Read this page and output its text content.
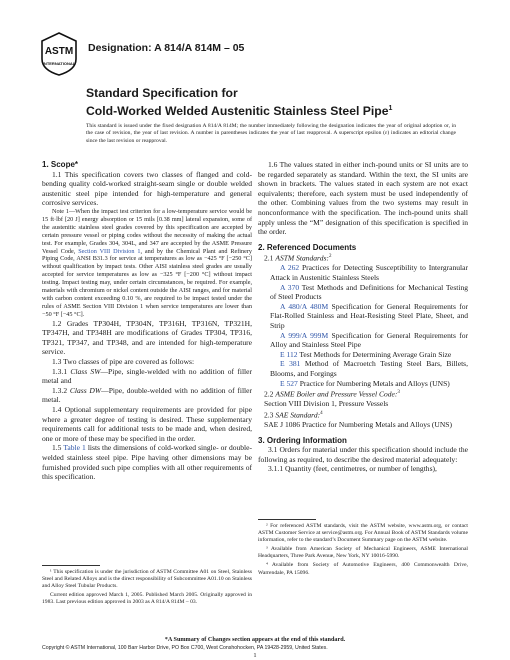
ASTM
INTERNATIONAL
Designation: A 814/A 814M – 05
Standard Specification for
Cold-Worked Welded Austenitic Stainless Steel Pipe$^1$
This standard is issued under the fixed designation A 814/A 814M; the number immediately following the designation indicates the year of original adoption or, in the case of revision, the year of last revision. A number in parentheses indicates the year of last reapproval. A superscript epsilon (ε) indicates an editorial change since the last revision or reapproval.

1. Scope*

1.1 This specification covers two classes of flanged and cold-bending quality cold-worked straight-seam single or double welded austenitic steel pipe intended for high-temperature and general corrosive services.

Note 1—When the impact test criterion for a low-temperature service would be 15 ft·lbf [20 J] energy absorption or 15 mils [0.38 mm] lateral expansion, some of the austenitic stainless steel grades covered by this specification are accepted by certain pressure vessel or piping codes without the necessity of making the actual test. For example, Grades 304, 304L, and 347 are accepted by the ASME Pressure Vessel Code, Section VIII Division 1, and by the Chemical Plant and Refinery Piping Code, ANSI B31.3 for service at temperatures as low as −425 °F [−250 °C] without qualification by impact tests. Other AISI stainless steel grades are usually accepted for service temperatures as low as −325 °F [−200 °C] without impact testing. Impact testing may, under certain circumstances, be required. For example, materials with chromium or nickel content outside the AISI ranges, and for material with carbon content exceeding 0.10 %, are required to be impact tested under the rules of ASME Section VIII Division 1 when service temperatures are lower than −50 °F [−45 °C].

1.2 Grades TP304H, TP304N, TP316H, TP316N, TP321H, TP347H, and TP348H are modifications of Grades TP304, TP316, TP321, TP347, and TP348, and are intended for high-temperature service.

1.3 Two classes of pipe are covered as follows:

1.3.1 Class SW—Pipe, single-welded with no addition of filler metal and

1.3.2 Class DW—Pipe, double-welded with no addition of filler metal.

1.4 Optional supplementary requirements are provided for pipe where a greater degree of testing is desired. These supplementary requirements call for additional tests to be made and, when desired, one or more of these may be specified in the order.

1.5 Table 1 lists the dimensions of cold-worked single- or double-welded stainless steel pipe. Pipe having other dimensions may be furnished provided such pipe complies with all other requirements of this specification.

1.6 The values stated in either inch-pound units or SI units are to be regarded separately as standard. Within the text, the SI units are shown in brackets. The values stated in each system are not exact equivalents; therefore, each system must be used independently of the other. Combining values from the two systems may result in nonconformance with the specification. The inch-pound units shall apply unless the “M” designation of this specification is specified in the order.

2. Referenced Documents

2.1 ASTM Standards:$^2$

A 262 Practices for Detecting Susceptibility to Intergranular Attack in Austenitic Stainless Steels

A 370 Test Methods and Definitions for Mechanical Testing of Steel Products

A 480/A 480M Specification for General Requirements for Flat-Rolled Stainless and Heat-Resisting Steel Plate, Sheet, and Strip

A 999/A 999M Specification for General Requirements for Alloy and Stainless Steel Pipe

E 112 Test Methods for Determining Average Grain Size

E 381 Method of Macroetch Testing Steel Bars, Billets, Blooms, and Forgings

E 527 Practice for Numbering Metals and Alloys (UNS)

2.2 ASME Boiler and Pressure Vessel Code:$^3$

Section VIII Division 1, Pressure Vessels

2.3 SAE Standard:$^4$

SAE J 1086 Practice for Numbering Metals and Alloys (UNS)

3. Ordering Information

3.1 Orders for material under this specification should include the following as required, to describe the desired material adequately:

3.1.1 Quantity (feet, centimetres, or number of lengths),

¹ This specification is under the jurisdiction of ASTM Committee A01 on Steel, Stainless Steel and Related Alloys and is the direct responsibility of Subcommittee A01.10 on Stainless and Alloy Steel Tubular Products.

Current edition approved March 1, 2005. Published March 2005. Originally approved in 1983. Last previous edition approved in 2003 as A 814/A 814M – 03.

² For referenced ASTM standards, visit the ASTM website, www.astm.org, or contact ASTM Customer Service at service@astm.org. For Annual Book of ASTM Standards volume information, refer to the standard’s Document Summary page on the ASTM website.

³ Available from American Society of Mechanical Engineers, ASME International Headquarters, Three Park Avenue, New York, NY 10016-5990.

⁴ Available from Society of Automotive Engineers, 400 Commonwealth Drive, Warrendale, PA 15096.

*A Summary of Changes section appears at the end of this standard.
Copyright © ASTM International, 100 Barr Harbor Drive, PO Box C700, West Conshohocken, PA 19428-2959, United States.
1
